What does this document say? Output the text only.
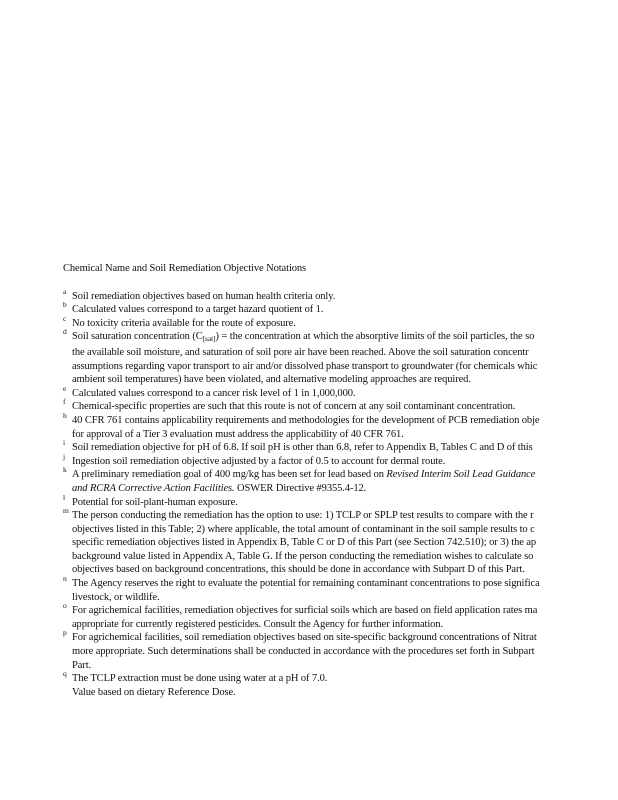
Chemical Name and Soil Remediation Objective Notations
a Soil remediation objectives based on human health criteria only.
b Calculated values correspond to a target hazard quotient of 1.
c No toxicity criteria available for the route of exposure.
d Soil saturation concentration $(C_{[sat]})$ = the concentration at which the absorptive limits of the soil particles, the so
the available soil moisture, and saturation of soil pore air have been reached. Above the soil saturation concentr
assumptions regarding vapor transport to air and/or dissolved phase transport to groundwater (for chemicals whic
ambient soil temperatures) have been violated, and alternative modeling approaches are required.
e Calculated values correspond to a cancer risk level of 1 in 1,000,000.
f Chemical-specific properties are such that this route is not of concern at any soil contaminant concentration.
h 40 CFR 761 contains applicability requirements and methodologies for the development of PCB remediation obje
for approval of a Tier 3 evaluation must address the applicability of 40 CFR 761.
i Soil remediation objective for pH of 6.8. If soil pH is other than 6.8, refer to Appendix B, Tables C and D of this
j Ingestion soil remediation objective adjusted by a factor of 0.5 to account for dermal route.
k A preliminary remediation goal of 400 mg/kg has been set for lead based on Revised Interim Soil Lead Guidance
and RCRA Corrective Action Facilities. OSWER Directive #9355.4-12.
l Potential for soil-plant-human exposure.
m The person conducting the remediation has the option to use: 1) TCLP or SPLP test results to compare with the r
objectives listed in this Table; 2) where applicable, the total amount of contaminant in the soil sample results to c
specific remediation objectives listed in Appendix B, Table C or D of this Part (see Section 742.510); or 3) the ap
background value listed in Appendix A, Table G. If the person conducting the remediation wishes to calculate so
objectives based on background concentrations, this should be done in accordance with Subpart D of this Part.
n The Agency reserves the right to evaluate the potential for remaining contaminant concentrations to pose significa
livestock, or wildlife.
o For agrichemical facilities, remediation objectives for surficial soils which are based on field application rates ma
appropriate for currently registered pesticides. Consult the Agency for further information.
p For agrichemical facilities, soil remediation objectives based on site-specific background concentrations of Nitrat
more appropriate. Such determinations shall be conducted in accordance with the procedures set forth in Subpart
Part.
q The TCLP extraction must be done using water at a pH of 7.0.
Value based on dietary Reference Dose.
